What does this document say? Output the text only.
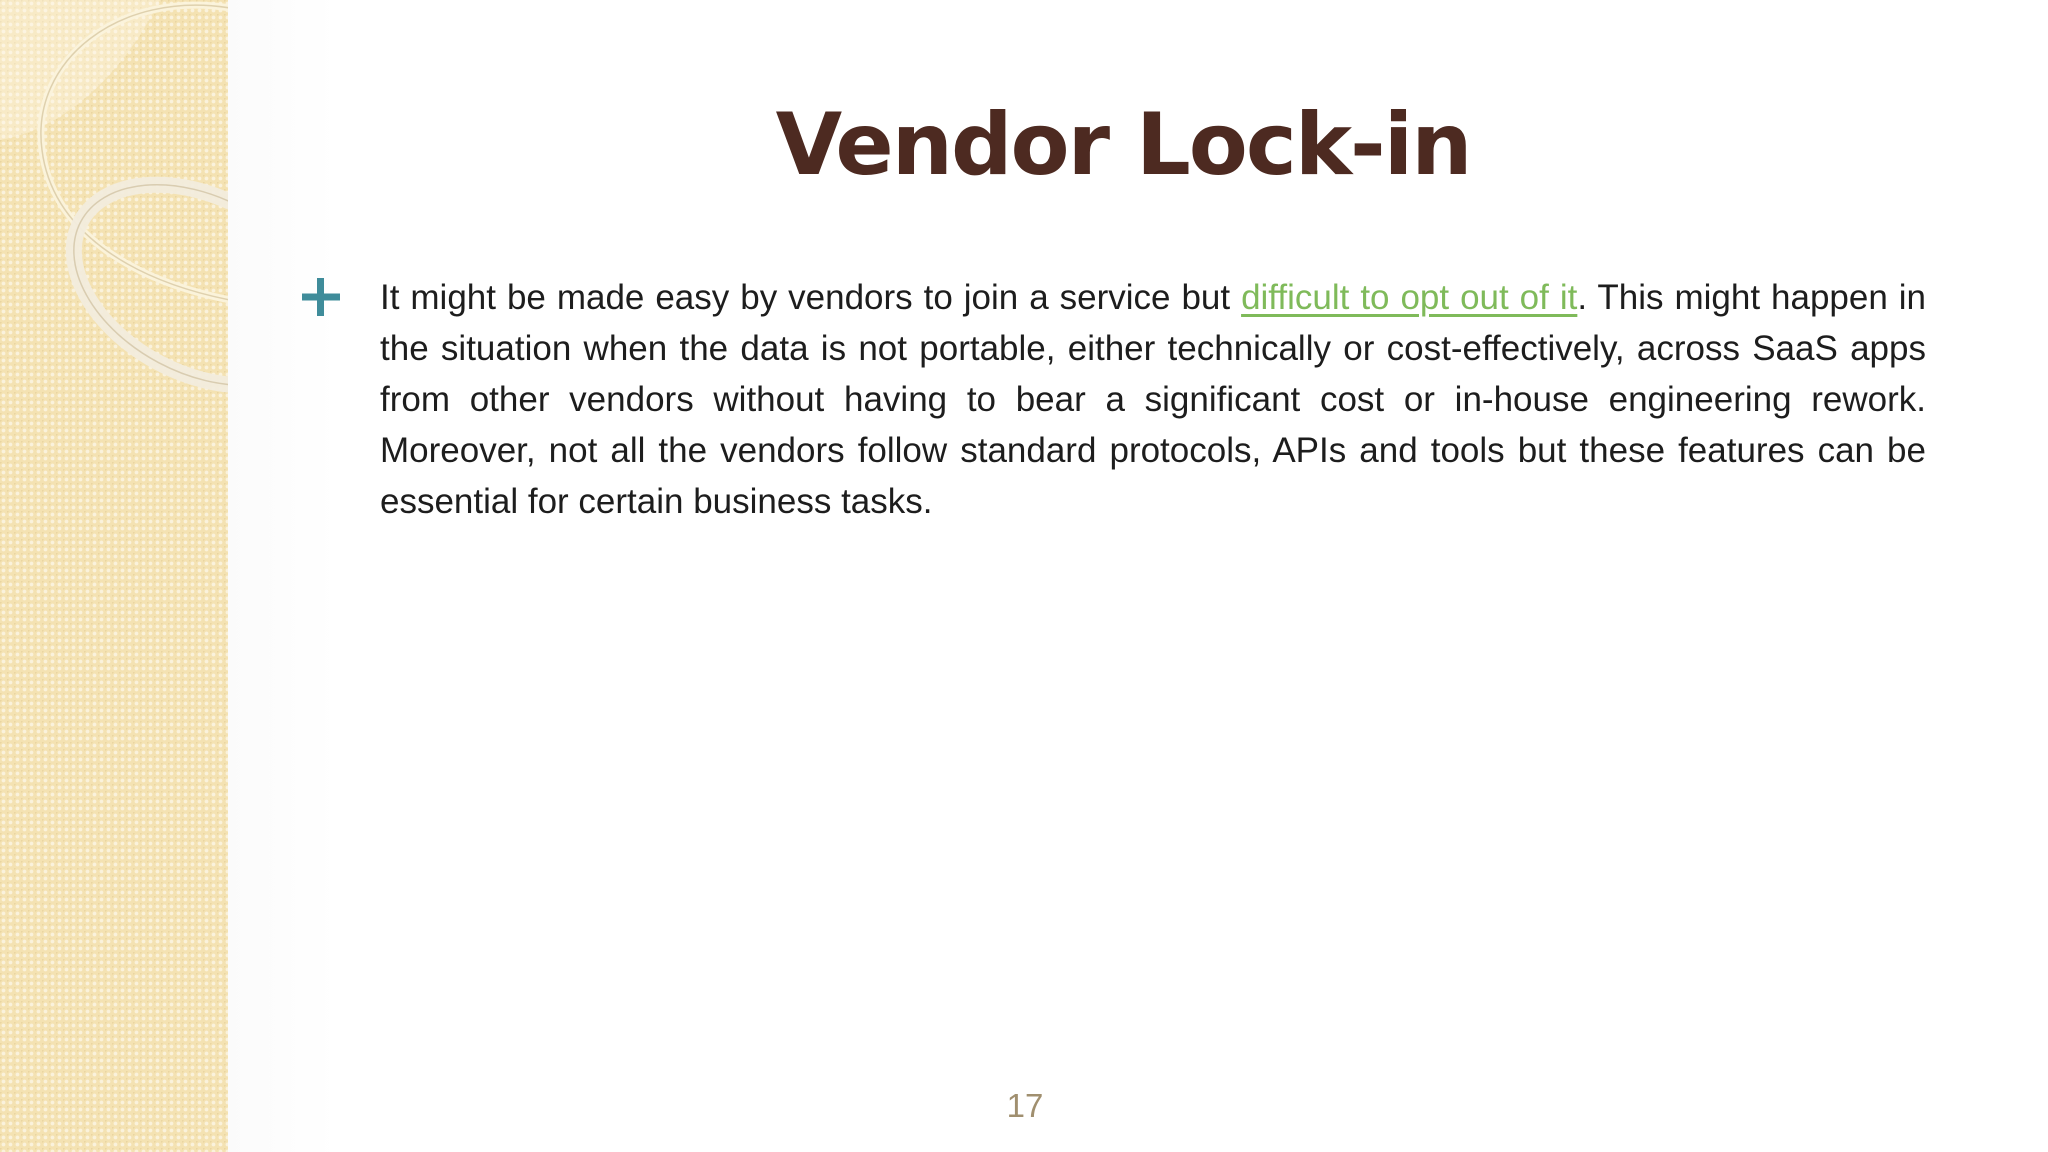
Vendor Lock-in

It might be made easy by vendors to join a service but difficult to opt out of it. This might happen in the situation when the data is not portable, either technically or cost-effectively, across SaaS apps from other vendors without having to bear a significant cost or in-house engineering rework. Moreover, not all the vendors follow standard protocols, APIs and tools but these features can be essential for certain business tasks.

17
